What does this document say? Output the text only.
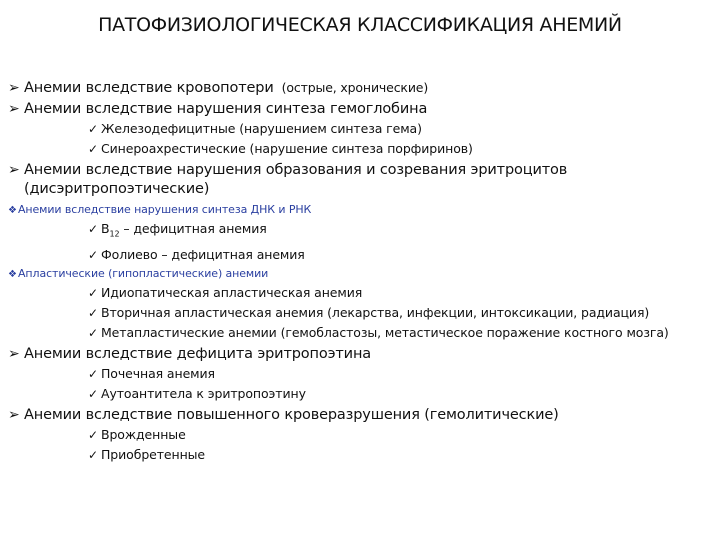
ПАТОФИЗИОЛОГИЧЕСКАЯ КЛАССИФИКАЦИЯ АНЕМИЙ
➢ Анемии вследствие кровопотери (острые, хронические)
➢ Анемии вследствие нарушения синтеза гемоглобина
✓ Железодефицитные (нарушением синтеза гема)
✓ Синероахрестические (нарушение синтеза порфиринов)
➢ Анемии вследствие нарушения образования и созревания эритроцитов
(дисэритропоэтические)
❖ Анемии вследствие нарушения синтеза ДНК и РНК
✓ $В_{12}$ – дефицитная анемия
✓ Фолиево – дефицитная анемия
❖ Апластические (гипопластические) анемии
✓ Идиопатическая апластическая анемия
✓ Вторичная апластическая анемия (лекарства, инфекции, интоксикации, радиация)
✓ Метапластические анемии (гемобластозы, метастическое поражение костного мозга)
➢ Анемии вследствие дефицита эритропоэтина
✓ Почечная анемия
✓ Аутоантитела к эритропоэтину
➢ Анемии вследствие повышенного кроверазрушения (гемолитические)
✓ Врожденные
✓ Приобретенные
